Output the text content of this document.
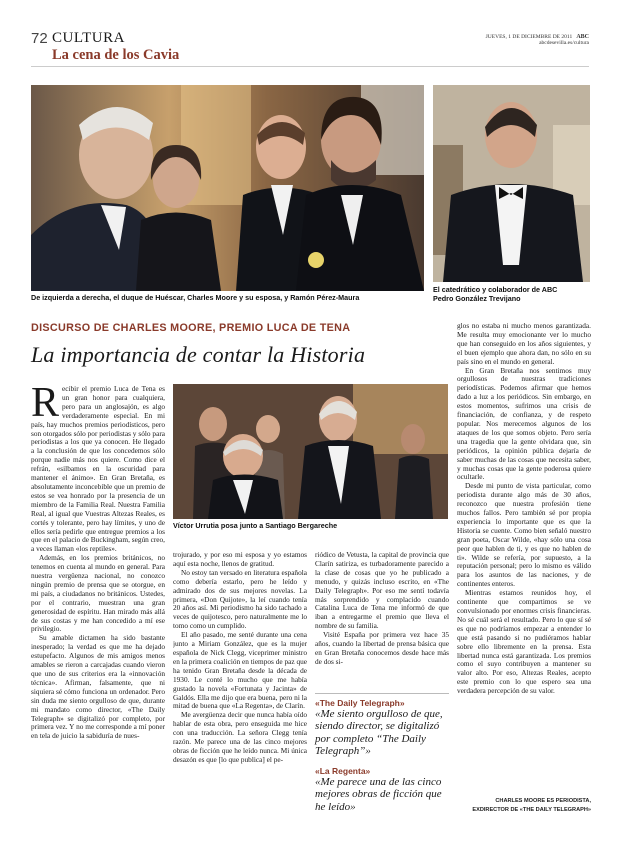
72 CULTURA
La cena de los Cavia
JUEVES, 1 DE DICIEMBRE DE 2011 ABC
abcdesevilla.es/cultura
De izquierda a derecha, el duque de Huéscar, Charles Moore y su esposa, y Ramón Pérez-Maura
El catedrático y colaborador de ABC
Pedro González Trevijano
DISCURSO DE CHARLES MOORE, PREMIO LUCA DE TENA
La importancia de contar la Historia

Recibir el premio Luca de Tena es un gran honor para cualquiera, pero para un anglosajón, es algo verdaderamente especial. En mi país, hay muchos premios periodísticos, pero son otorgados sólo por periodistas y sólo para periodistas a los que ya conocen. He llegado a la conclusión de que los concedemos sólo porque nadie más nos quiere. Como dice el refrán, «silbamos en la oscuridad para mantener el ánimo». En Gran Bretaña, es absolutamente inconcebible que un premio de estos se vea honrado por la presencia de un miembro de la Familia Real. Nuestra Familia Real, al igual que Vuestras Altezas Reales, es cortés y tolerante, pero hay límites, y uno de ellos sería pedirle que entregue premios a los que en el palacio de Buckingham, según creo, a veces llaman «los reptiles».

Además, en los premios británicos, no tenemos en cuenta al mundo en general. Para nuestra vergüenza nacional, no conozco ningún premio de prensa que se otorgue, en mi país, a ciudadanos no británicos. Ustedes, por el contrario, muestran una gran generosidad de espíritu. Han mirado más allá de sus costas y me han concedido a mí ese privilegio.

Su amable dictamen ha sido bastante inesperado; la verdad es que me ha dejado estupefacto. Algunos de mis amigos menos amables se rieron a carcajadas cuando vieron que uno de sus criterios era la «innovación técnica». Afirman, falsamente, que ni siquiera sé cómo funciona un ordenador. Pero sin duda me siento orgulloso de que, durante mi mandato como director, «The Daily Telegraph» se digitalizó por completo, por primera vez. Y no me corresponde a mí poner en tela de juicio la sabiduría de nues-

Víctor Urrutia posa junto a Santiago Bergareche

trojurado, y por eso mi esposa y yo estamos aquí esta noche, llenos de gratitud.

No estoy tan versado en literatura española como debería estarlo, pero he leído y admirado dos de sus mejores novelas. La primera, «Don Quijote», la leí cuando tenía 20 años así. Mi periodismo ha sido tachado a veces de quijotesco, pero naturalmente me lo tomo como un cumplido.

El año pasado, me senté durante una cena junto a Miriam González, que es la mujer española de Nick Clegg, viceprimer ministro en la primera coalición en tiempos de paz que ha tenido Gran Bretaña desde la década de 1930. Le conté lo mucho que me había gustado la novela «Fortunata y Jacinta» de Galdós. Ella me dijo que era buena, pero ni la mitad de buena que «La Regenta», de Clarín.

Me avergüenza decir que nunca había oído hablar de esta obra, pero enseguida me hice con una traducción. La señora Clegg tenía razón. Me parece una de las cinco mejores obras de ficción que he leído nunca. Mi única desazón es que [lo que publica] el pe-

riódico de Vetusta, la capital de provincia que Clarín satiriza, es turbadoramente parecido a la clase de cosas que yo he publicado a menudo, y quizás incluso escrito, en «The Daily Telegraph». Por eso me sentí todavía más sorprendido y complacido cuando Catalina Luca de Tena me informó de que iban a entregarme el premio que lleva el nombre de su familia.

Visité España por primera vez hace 35 años, cuando la libertad de prensa básica que en Gran Bretaña conocemos desde hace más de dos si-

«The Daily Telegraph»
«Me siento orgulloso de que, siendo director, se digitalizó por completo “The Daily Telegraph”»
«La Regenta»
«Me parece una de las cinco mejores obras de ficción que he leído»

glos no estaba ni mucho menos garantizada. Me resulta muy emocionante ver lo mucho que han conseguido en los años siguientes, y el buen ejemplo que ahora dan, no sólo en su país sino en el mundo en general.

En Gran Bretaña nos sentimos muy orgullosos de nuestras tradiciones periodísticas. Podemos afirmar que hemos dado a luz a los periódicos. Sin embargo, en estos momentos, sufrimos una crisis de financiación, de confianza, y de respeto popular. Nos merecemos algunos de los ataques de los que somos objeto. Pero sería una tragedia que la gente olvidara que, sin periódicos, la opinión pública dejaría de saber muchas de las cosas que necesita saber, y muchas cosas que la gente poderosa quiere ocultarle.

Desde mi punto de vista particular, como periodista durante algo más de 30 años, reconozco que nuestra profesión tiene muchos fallos. Pero también sé por propia experiencia lo importante que es que la Historia se cuente. Como bien señaló nuestro gran poeta, Oscar Wilde, «hay sólo una cosa peor que hablen de ti, y es que no hablen de ti». Wilde se refería, por supuesto, a la reputación personal; pero lo mismo es válido para los asuntos de las naciones, y de continentes enteros.

Mientras estamos reunidos hoy, el continente que compartimos se ve convulsionado por enormes crisis financieras. No sé cuál será el resultado. Pero lo que sí sé es que no podríamos empezar a entender lo que está pasando si no pudiéramos hablar sobre ello libremente en la prensa. Esta libertad nunca está garantizada. Los premios como el suyo contribuyen a mantener su valor alto. Por eso, Altezas Reales, acepto este premio con lo que espero sea una verdadera percepción de su valor.

CHARLES MOORE ES PERIODISTA,
EXDIRECTOR DE «THE DAILY TELEGRAPH»
